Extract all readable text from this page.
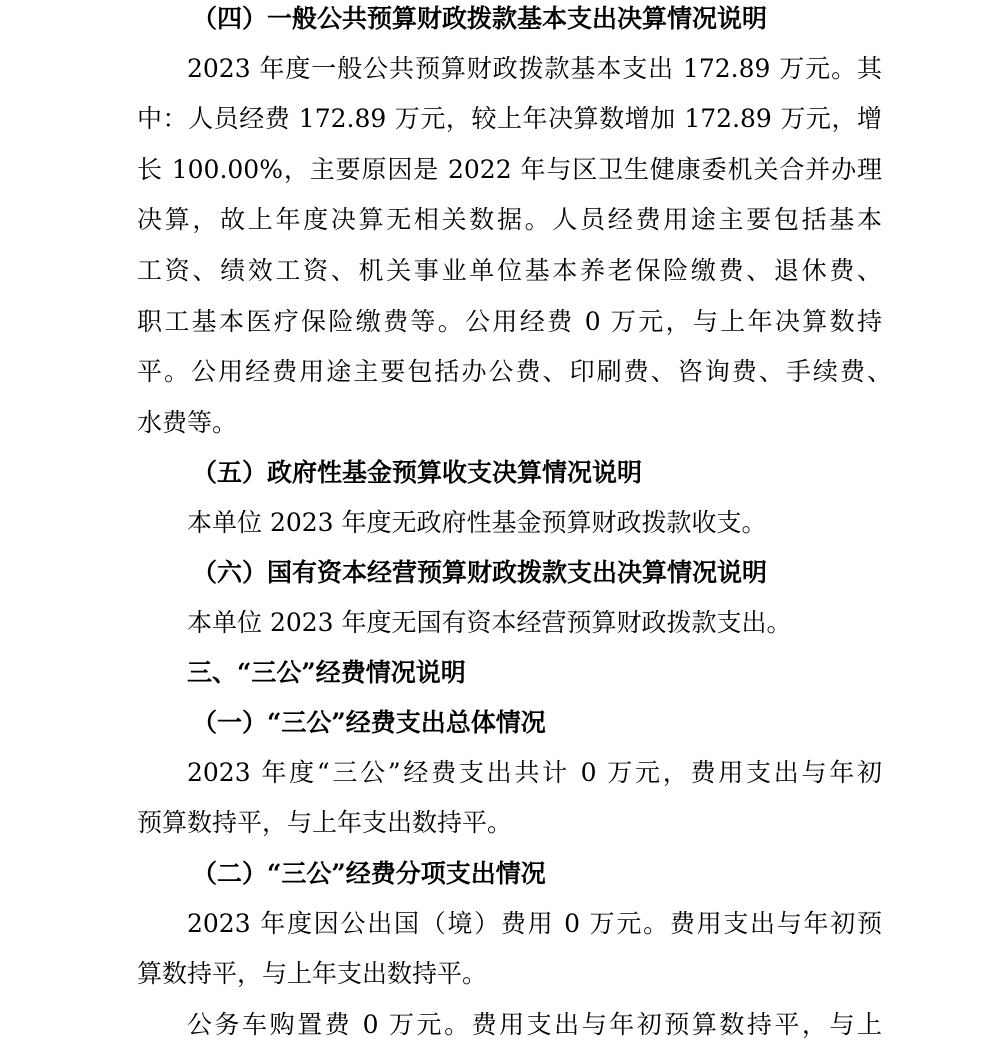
（四）一般公共预算财政拨款基本支出决算情况说明
2023 年度一般公共预算财政拨款基本支出 172.89 万元。其
中：人员经费 172.89 万元，较上年决算数增加 172.89 万元，增
长 100.00%，主要原因是 2022 年与区卫生健康委机关合并办理
决算，故上年度决算无相关数据。人员经费用途主要包括基本
工资、绩效工资、机关事业单位基本养老保险缴费、退休费、
职工基本医疗保险缴费等。公用经费 0 万元，与上年决算数持
平。公用经费用途主要包括办公费、印刷费、咨询费、手续费、
水费等。
（五）政府性基金预算收支决算情况说明
本单位 2023 年度无政府性基金预算财政拨款收支。
（六）国有资本经营预算财政拨款支出决算情况说明
本单位 2023 年度无国有资本经营预算财政拨款支出。
三、“三公”经费情况说明
（一）“三公”经费支出总体情况
2023 年度“三公”经费支出共计 0 万元，费用支出与年初
预算数持平，与上年支出数持平。
（二）“三公”经费分项支出情况
2023 年度因公出国（境）费用 0 万元。费用支出与年初预
算数持平，与上年支出数持平。
公务车购置费 0 万元。费用支出与年初预算数持平，与上
